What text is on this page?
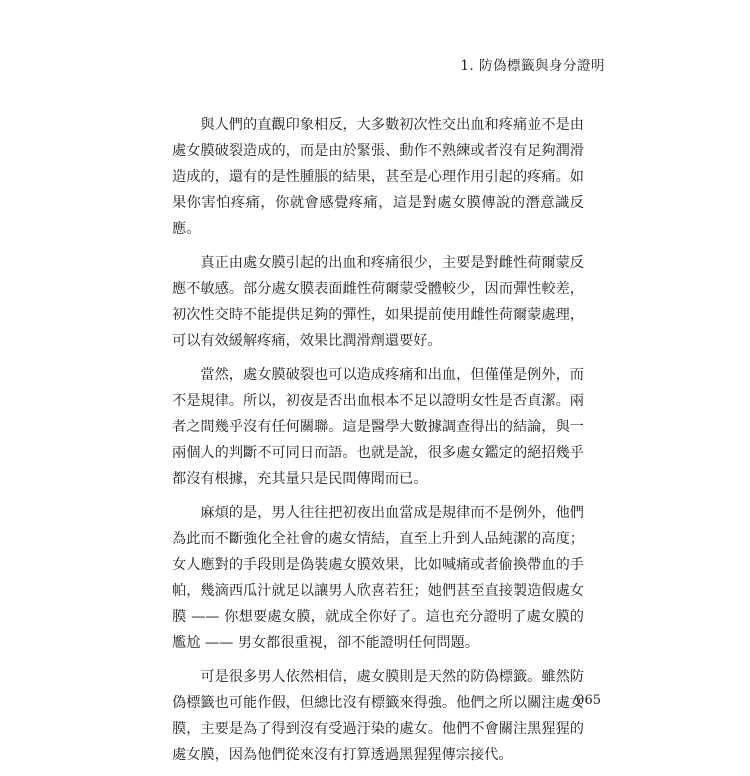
1. 防偽標籤與身分證明

與人們的直觀印象相反，大多數初次性交出血和疼痛並不是由處女膜破裂造成的，而是由於緊張、動作不熟練或者沒有足夠潤滑造成的，還有的是性腫脹的結果，甚至是心理作用引起的疼痛。如果你害怕疼痛，你就會感覺疼痛，這是對處女膜傳說的潛意識反應。

真正由處女膜引起的出血和疼痛很少，主要是對雌性荷爾蒙反應不敏感。部分處女膜表面雌性荷爾蒙受體較少，因而彈性較差，初次性交時不能提供足夠的彈性，如果提前使用雌性荷爾蒙處理，可以有效緩解疼痛，效果比潤滑劑還要好。

當然，處女膜破裂也可以造成疼痛和出血，但僅僅是例外，而不是規律。所以，初夜是否出血根本不足以證明女性是否貞潔。兩者之間幾乎沒有任何關聯。這是醫學大數據調查得出的結論，與一兩個人的判斷不可同日而語。也就是說，很多處女鑑定的絕招幾乎都沒有根據，充其量只是民間傳聞而已。

麻煩的是，男人往往把初夜出血當成是規律而不是例外，他們為此而不斷強化全社會的處女情結，直至上升到人品純潔的高度；女人應對的手段則是偽裝處女膜效果，比如喊痛或者偷換帶血的手帕，幾滴西瓜汁就足以讓男人欣喜若狂；她們甚至直接製造假處女膜 —— 你想要處女膜，就成全你好了。這也充分證明了處女膜的尷尬 —— 男女都很重視，卻不能證明任何問題。

可是很多男人依然相信，處女膜則是天然的防偽標籤。雖然防偽標籤也可能作假，但總比沒有標籤來得強。他們之所以關注處女膜，主要是為了得到沒有受過汙染的處女。他們不會關注黑猩猩的處女膜，因為他們從來沒有打算透過黑猩猩傳宗接代。

065
